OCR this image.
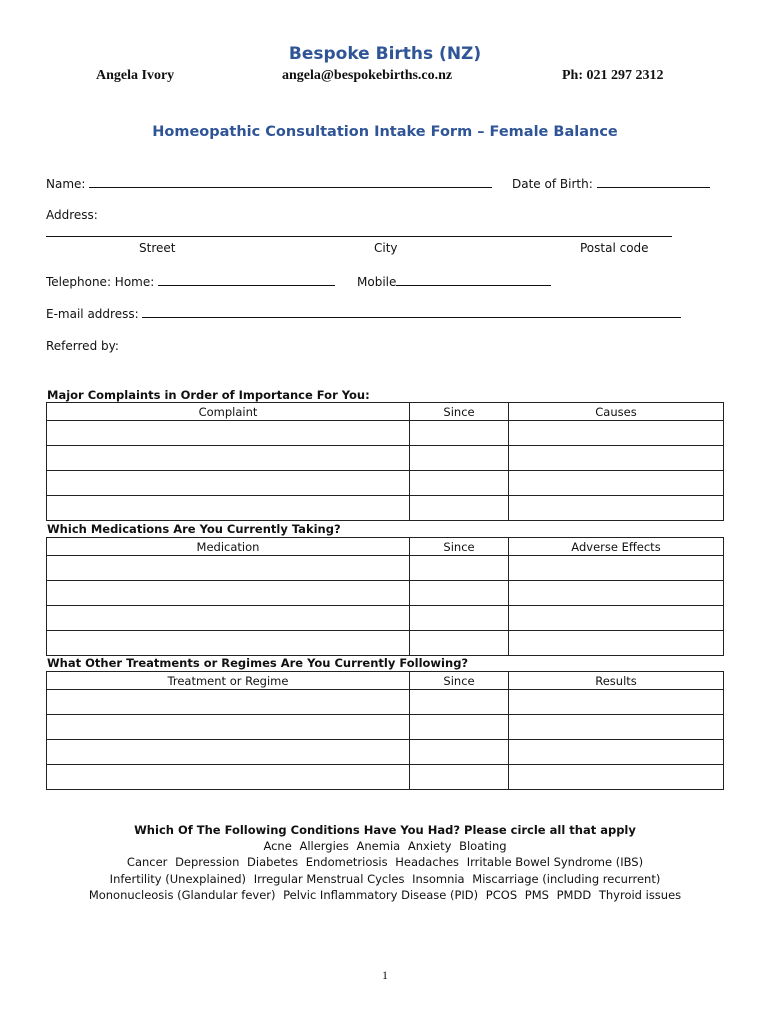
Bespoke Births (NZ)
Angela Ivory	angela@bespokebirths.co.nz	Ph: 021 297 2312
Homeopathic Consultation Intake Form – Female Balance
Name:	Date of Birth:
Address:
Street	City	Postal code
Telephone: Home:	Mobile
E-mail address:
Referred by:
Major Complaints in Order of Importance For You:
Complaint	Since	Causes

Which Medications Are You Currently Taking?
Medication	Since	Adverse Effects

What Other Treatments or Regimes Are You Currently Following?
Treatment or Regime	Since	Results

Which Of The Following Conditions Have You Had? Please circle all that apply
Acne Allergies Anemia Anxiety Bloating
Cancer Depression Diabetes Endometriosis Headaches Irritable Bowel Syndrome (IBS)
Infertility (Unexplained) Irregular Menstrual Cycles Insomnia Miscarriage (including recurrent)
Mononucleosis (Glandular fever) Pelvic Inflammatory Disease (PID) PCOS PMS PMDD Thyroid issues
1
